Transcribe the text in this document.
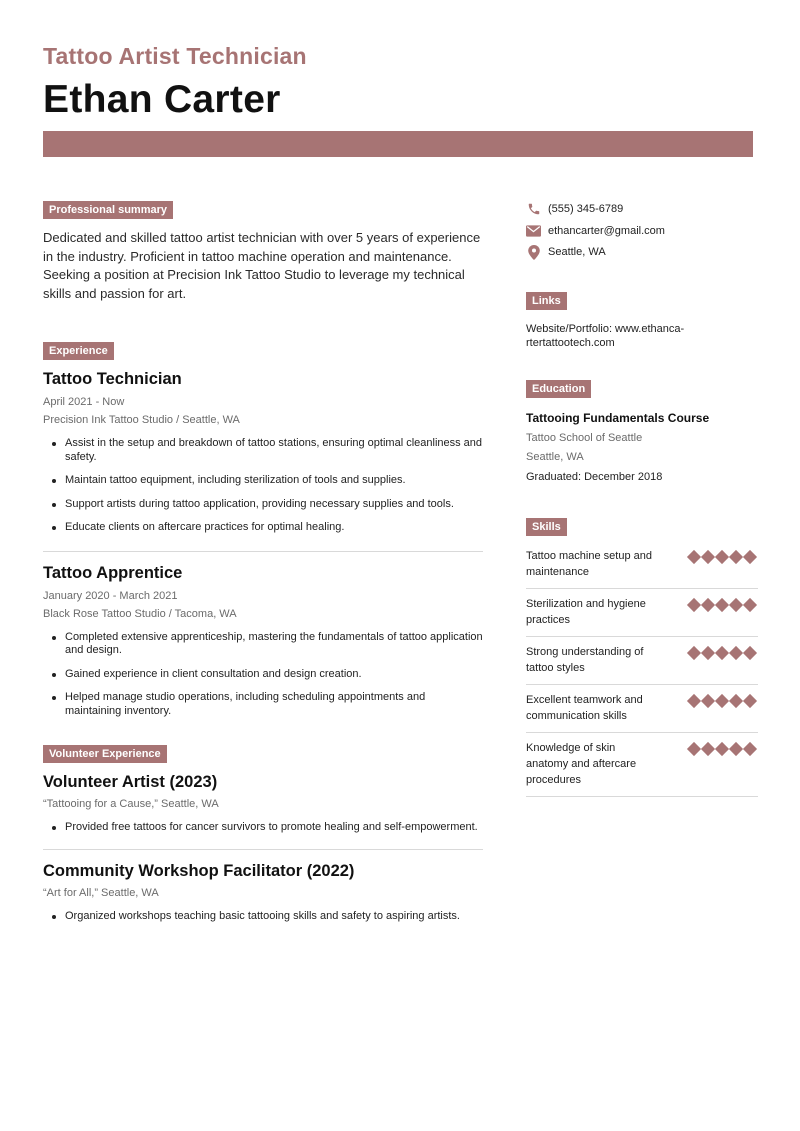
Tattoo Artist Technician
Ethan Carter
Professional summary

Dedicated and skilled tattoo artist technician with over 5 years of experience in the industry. Proficient in tattoo machine operation and maintenance. Seeking a position at Precision Ink Tattoo Studio to leverage my technical skills and passion for art.

Experience
Tattoo Technician
April 2021 - Now
Precision Ink Tattoo Studio / Seattle, WA
Assist in the setup and breakdown of tattoo stations, ensuring optimal cleanliness and safety.
Maintain tattoo equipment, including sterilization of tools and supplies.
Support artists during tattoo application, providing necessary supplies and tools.
Educate clients on aftercare practices for optimal healing.
Tattoo Apprentice
January 2020 - March 2021
Black Rose Tattoo Studio / Tacoma, WA
Completed extensive apprenticeship, mastering the fundamentals of tattoo application and design.
Gained experience in client consultation and design creation.
Helped manage studio operations, including scheduling appointments and maintaining inventory.
Volunteer Experience
Volunteer Artist (2023)
“Tattooing for a Cause,” Seattle, WA
Provided free tattoos for cancer survivors to promote healing and self-empowerment.
Community Workshop Facilitator (2022)
“Art for All,” Seattle, WA
Organized workshops teaching basic tattooing skills and safety to aspiring artists.
(555) 345-6789
ethancarter@gmail.com
Seattle, WA
Links
Website/Portfolio: www.ethanca-
rtertattootech.com
Education
Tattooing Fundamentals Course
Tattoo School of Seattle
Seattle, WA
Graduated: December 2018
Skills
Tattoo machine setup and maintenance
Sterilization and hygiene practices
Strong understanding of tattoo styles
Excellent teamwork and communication skills
Knowledge of skin anatomy and aftercare procedures
